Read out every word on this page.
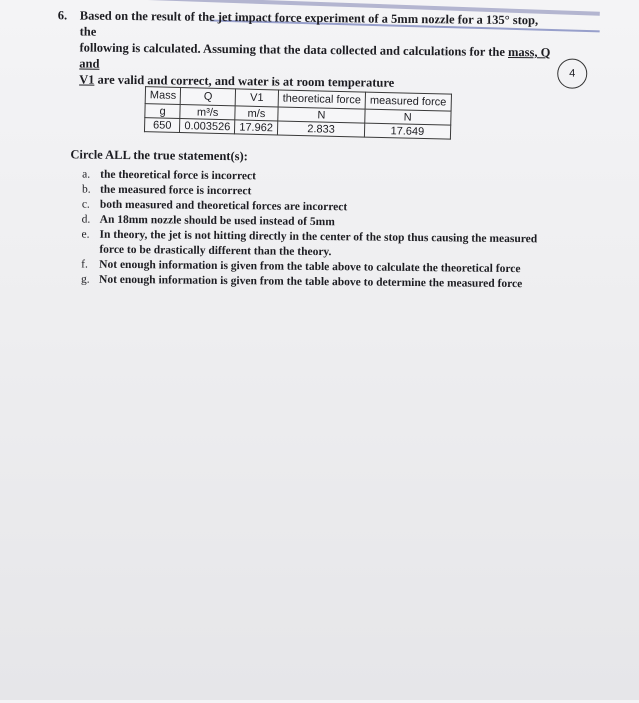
6. Based on the result of the jet impact force experiment of a 5mm nozzle for a 135° stop, the
following is calculated. Assuming that the data collected and calculations for the mass, Q and
V1 are valid and correct, and water is at room temperature	4
Mass	Q	V1	theoretical force	measured force
g	m³/s	m/s	N	N
650	0.003526	17.962	2.833	17.649
Circle ALL the true statement(s):
a. the theoretical force is incorrect
b. the measured force is incorrect
c. both measured and theoretical forces are incorrect
d. An 18mm nozzle should be used instead of 5mm
e. In theory, the jet is not hitting directly in the center of the stop thus causing the measured force to be drastically different than the theory.
f. Not enough information is given from the table above to calculate the theoretical force
g. Not enough information is given from the table above to determine the measured force
